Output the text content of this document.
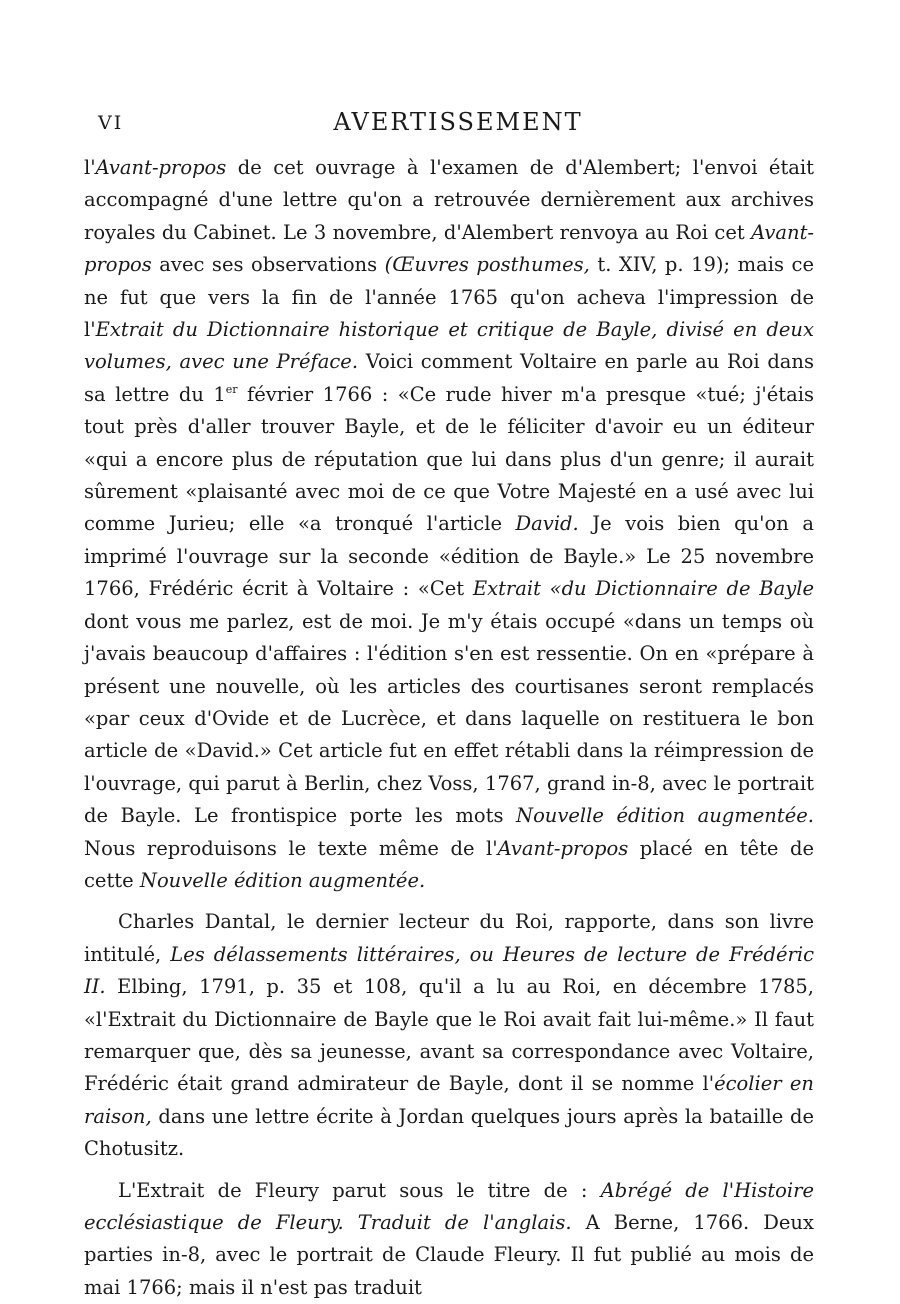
VI	AVERTISSEMENT

l'Avant-propos de cet ouvrage à l'examen de d'Alembert; l'envoi était accompagné d'une lettre qu'on a retrouvée dernièrement aux archives royales du Cabinet. Le 3 novembre, d'Alembert renvoya au Roi cet Avant-propos avec ses observations (Œuvres posthumes, t. XIV, p. 19); mais ce ne fut que vers la fin de l'année 1765 qu'on acheva l'impression de l'Extrait du Dictionnaire historique et critique de Bayle, divisé en deux volumes, avec une Préface. Voici comment Voltaire en parle au Roi dans sa lettre du 1er février 1766 : «Ce rude hiver m'a presque «tué; j'étais tout près d'aller trouver Bayle, et de le féliciter d'avoir eu un éditeur «qui a encore plus de réputation que lui dans plus d'un genre; il aurait sûrement «plaisanté avec moi de ce que Votre Majesté en a usé avec lui comme Jurieu; elle «a tronqué l'article David. Je vois bien qu'on a imprimé l'ouvrage sur la seconde «édition de Bayle.» Le 25 novembre 1766, Frédéric écrit à Voltaire : «Cet Extrait «du Dictionnaire de Bayle dont vous me parlez, est de moi. Je m'y étais occupé «dans un temps où j'avais beaucoup d'affaires : l'édition s'en est ressentie. On en «prépare à présent une nouvelle, où les articles des courtisanes seront remplacés «par ceux d'Ovide et de Lucrèce, et dans laquelle on restituera le bon article de «David.» Cet article fut en effet rétabli dans la réimpression de l'ouvrage, qui parut à Berlin, chez Voss, 1767, grand in-8, avec le portrait de Bayle. Le frontispice porte les mots Nouvelle édition augmentée. Nous reproduisons le texte même de l'Avant-propos placé en tête de cette Nouvelle édition augmentée.

Charles Dantal, le dernier lecteur du Roi, rapporte, dans son livre intitulé, Les délassements littéraires, ou Heures de lecture de Frédéric II. Elbing, 1791, p. 35 et 108, qu'il a lu au Roi, en décembre 1785, «l'Extrait du Dictionnaire de Bayle que le Roi avait fait lui-même.» Il faut remarquer que, dès sa jeunesse, avant sa correspondance avec Voltaire, Frédéric était grand admirateur de Bayle, dont il se nomme l'écolier en raison, dans une lettre écrite à Jordan quelques jours après la bataille de Chotusitz.

L'Extrait de Fleury parut sous le titre de : Abrégé de l'Histoire ecclésiastique de Fleury. Traduit de l'anglais. A Berne, 1766. Deux parties in-8, avec le portrait de Claude Fleury. Il fut publié au mois de mai 1766; mais il n'est pas traduit
